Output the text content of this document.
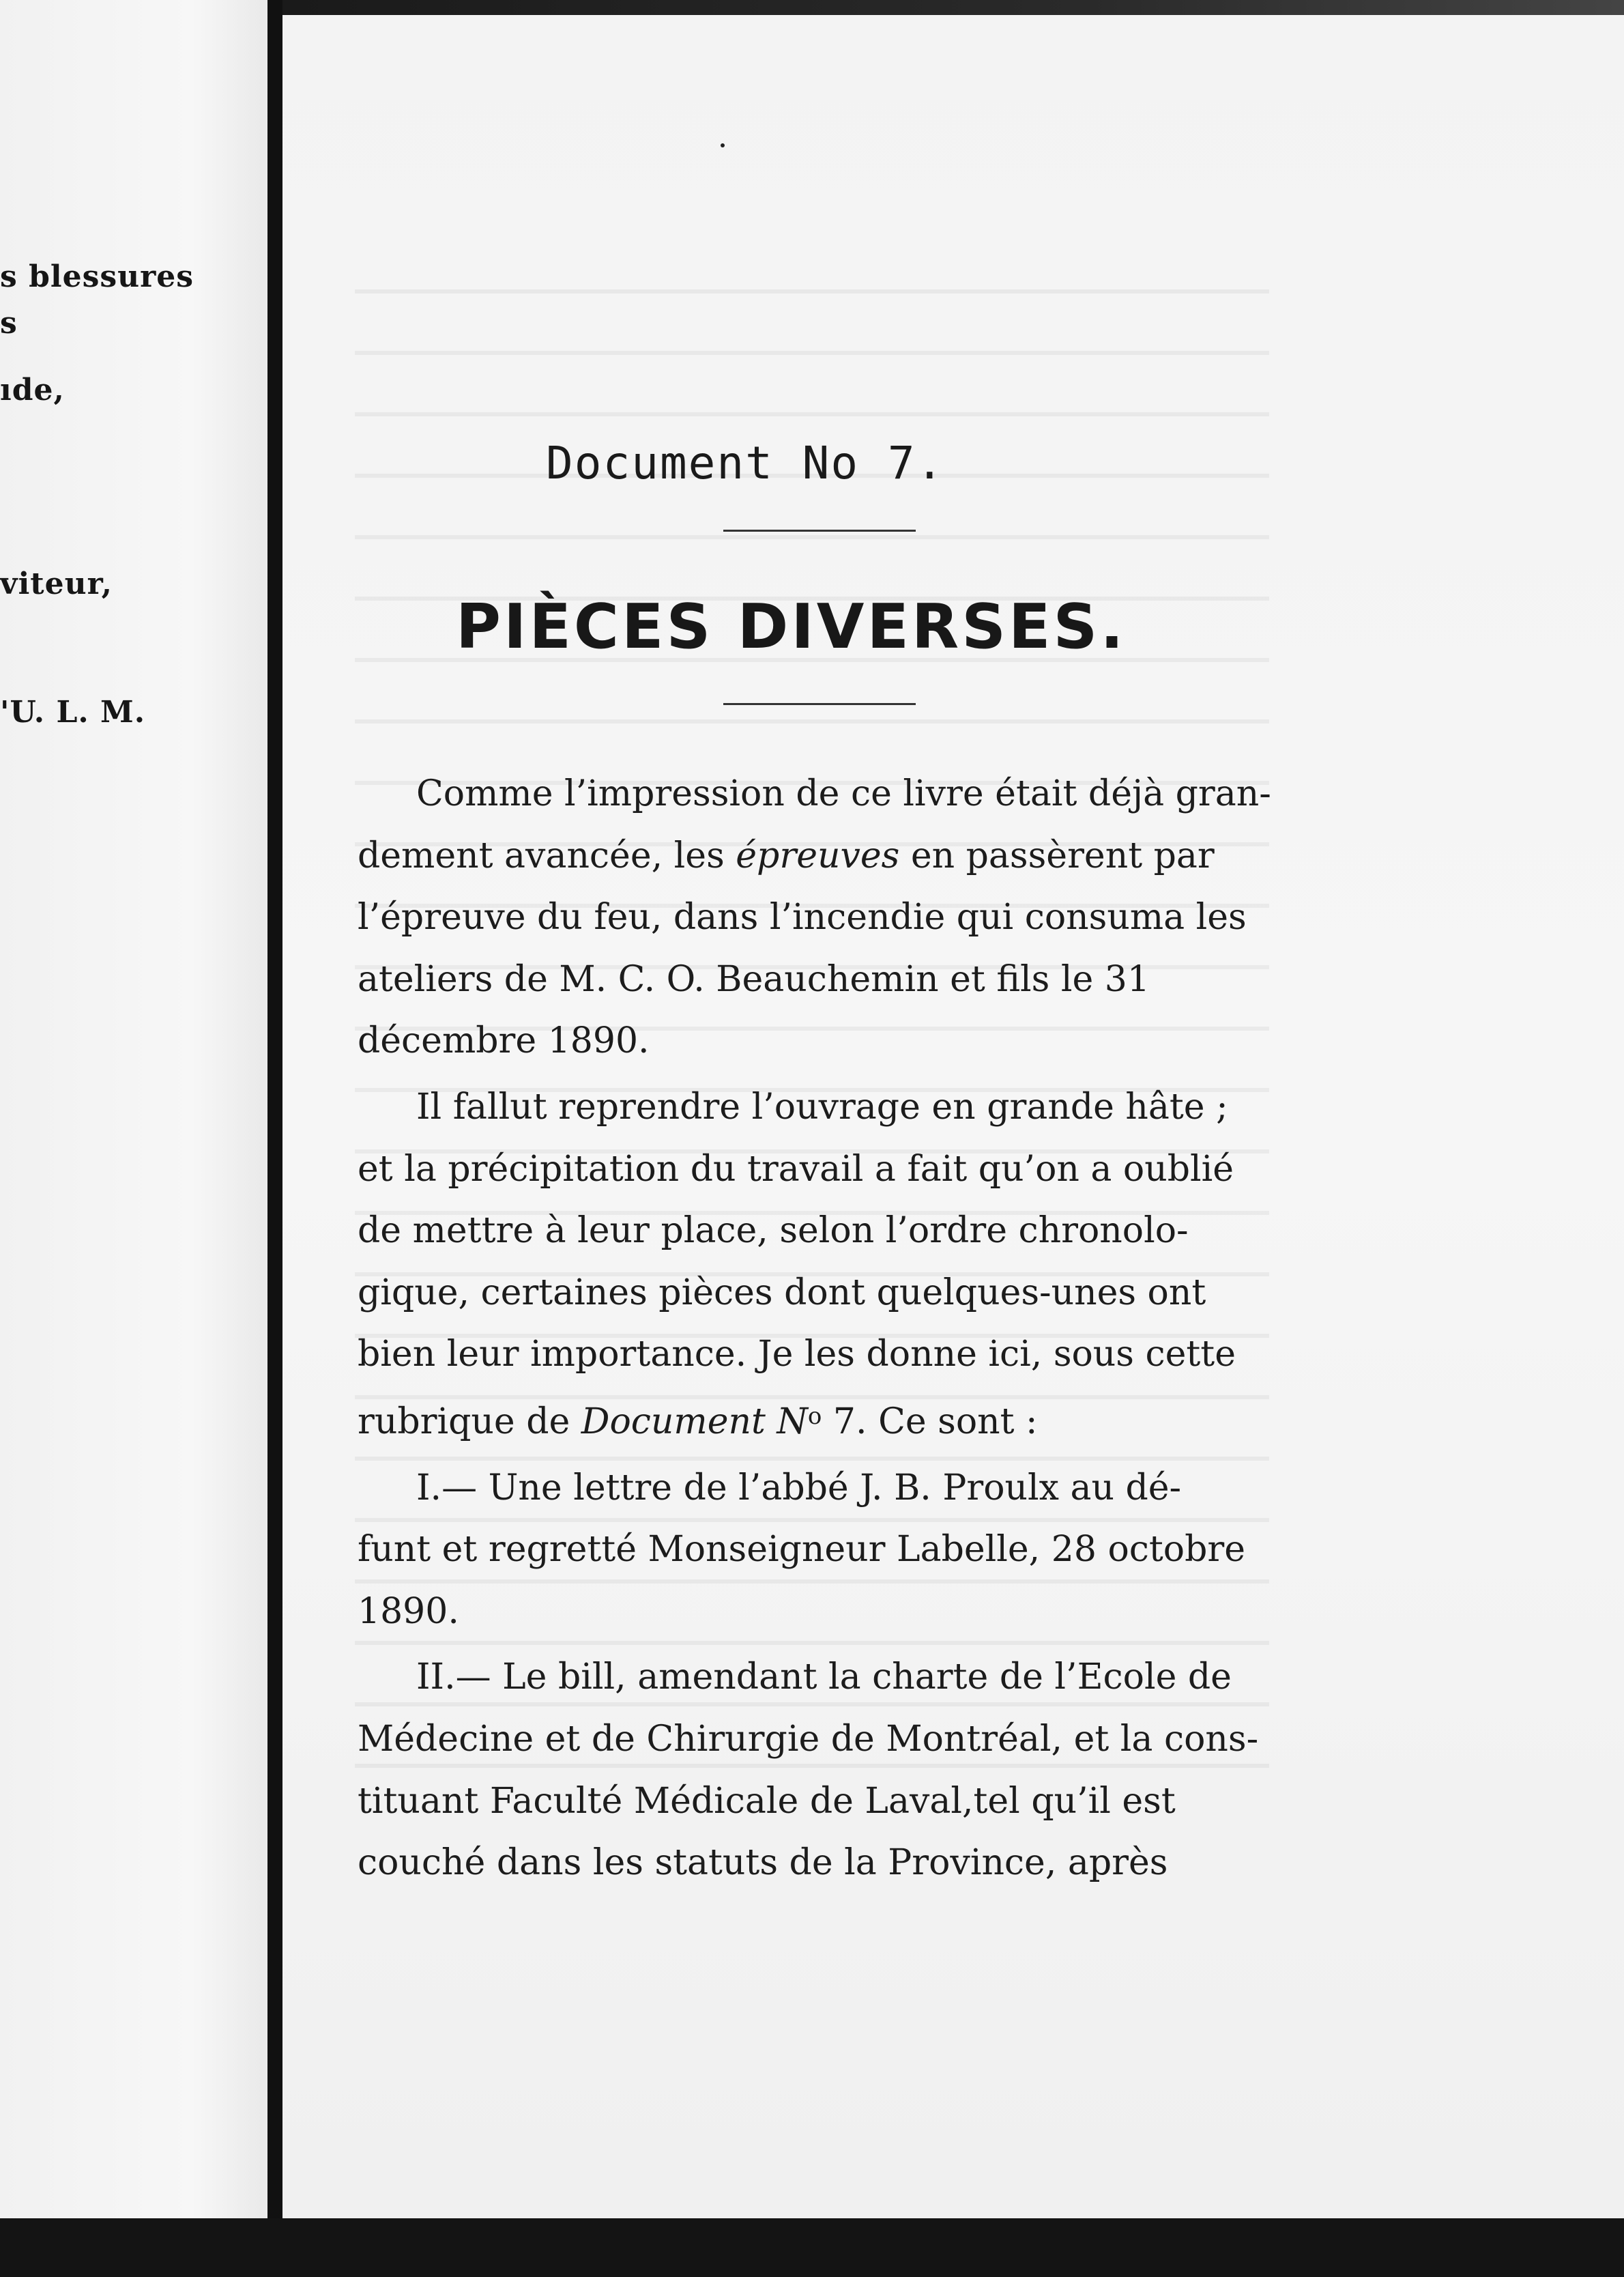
s blessures
s
ıde,
viteur,
'U. L. M.
Document No 7.
PIÈCES DIVERSES.
Comme l’impression de ce livre était déjà gran-
dement avancée, les épreuves en passèrent par
l’épreuve du feu, dans l’incendie qui consuma les
ateliers de M. C. O. Beauchemin et fils le 31
décembre 1890.
Il fallut reprendre l’ouvrage en grande hâte ;
et la précipitation du travail a fait qu’on a oublié
de mettre à leur place, selon l’ordre chronolo-
gique, certaines pièces dont quelques-unes ont
bien leur importance. Je les donne ici, sous cette
rubrique de Document $N^o$ 7. Ce sont :
I.— Une lettre de l’abbé J. B. Proulx au dé-
funt et regretté Monseigneur Labelle, 28 octobre
1890.
II.— Le bill, amendant la charte de l’Ecole de
Médecine et de Chirurgie de Montréal, et la cons-
tituant Faculté Médicale de Laval,tel qu’il est
couché dans les statuts de la Province, après
